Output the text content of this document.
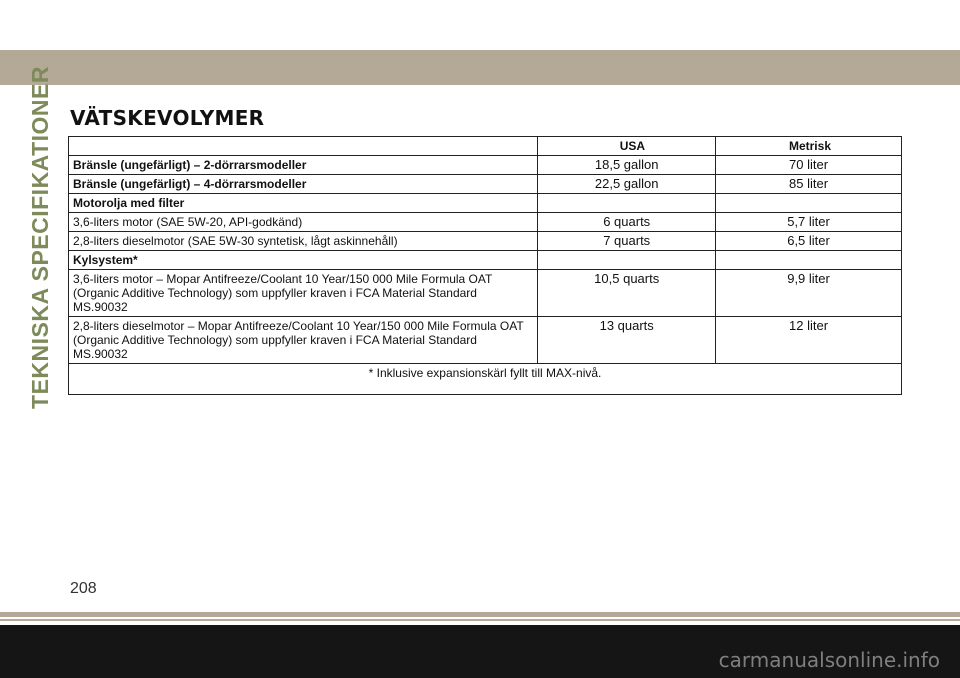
TEKNISKA SPECIFIKATIONER VÄTSKEVOLYMER
	USA	Metrisk
Bränsle (ungefärligt) – 2-dörrarsmodeller	18,5 gallon	70 liter
Bränsle (ungefärligt) – 4-dörrarsmodeller	22,5 gallon	85 liter
Motorolja med filter		
3,6-liters motor (SAE 5W-20, API-godkänd)	6 quarts	5,7 liter
2,8-liters dieselmotor (SAE 5W-30 syntetisk, lågt askinnehåll)	7 quarts	6,5 liter
Kylsystem*		
3,6-liters motor – Mopar Antifreeze/Coolant 10 Year/150 000 Mile Formula OAT (Organic Additive Technology) som uppfyller kraven i FCA Material Standard MS.90032	10,5 quarts	9,9 liter
2,8-liters dieselmotor – Mopar Antifreeze/Coolant 10 Year/150 000 Mile Formula OAT (Organic Additive Technology) som uppfyller kraven i FCA Material Standard MS.90032	13 quarts	12 liter
* Inklusive expansionskärl fyllt till MAX-nivå.		
208
carmanualsonline.info
